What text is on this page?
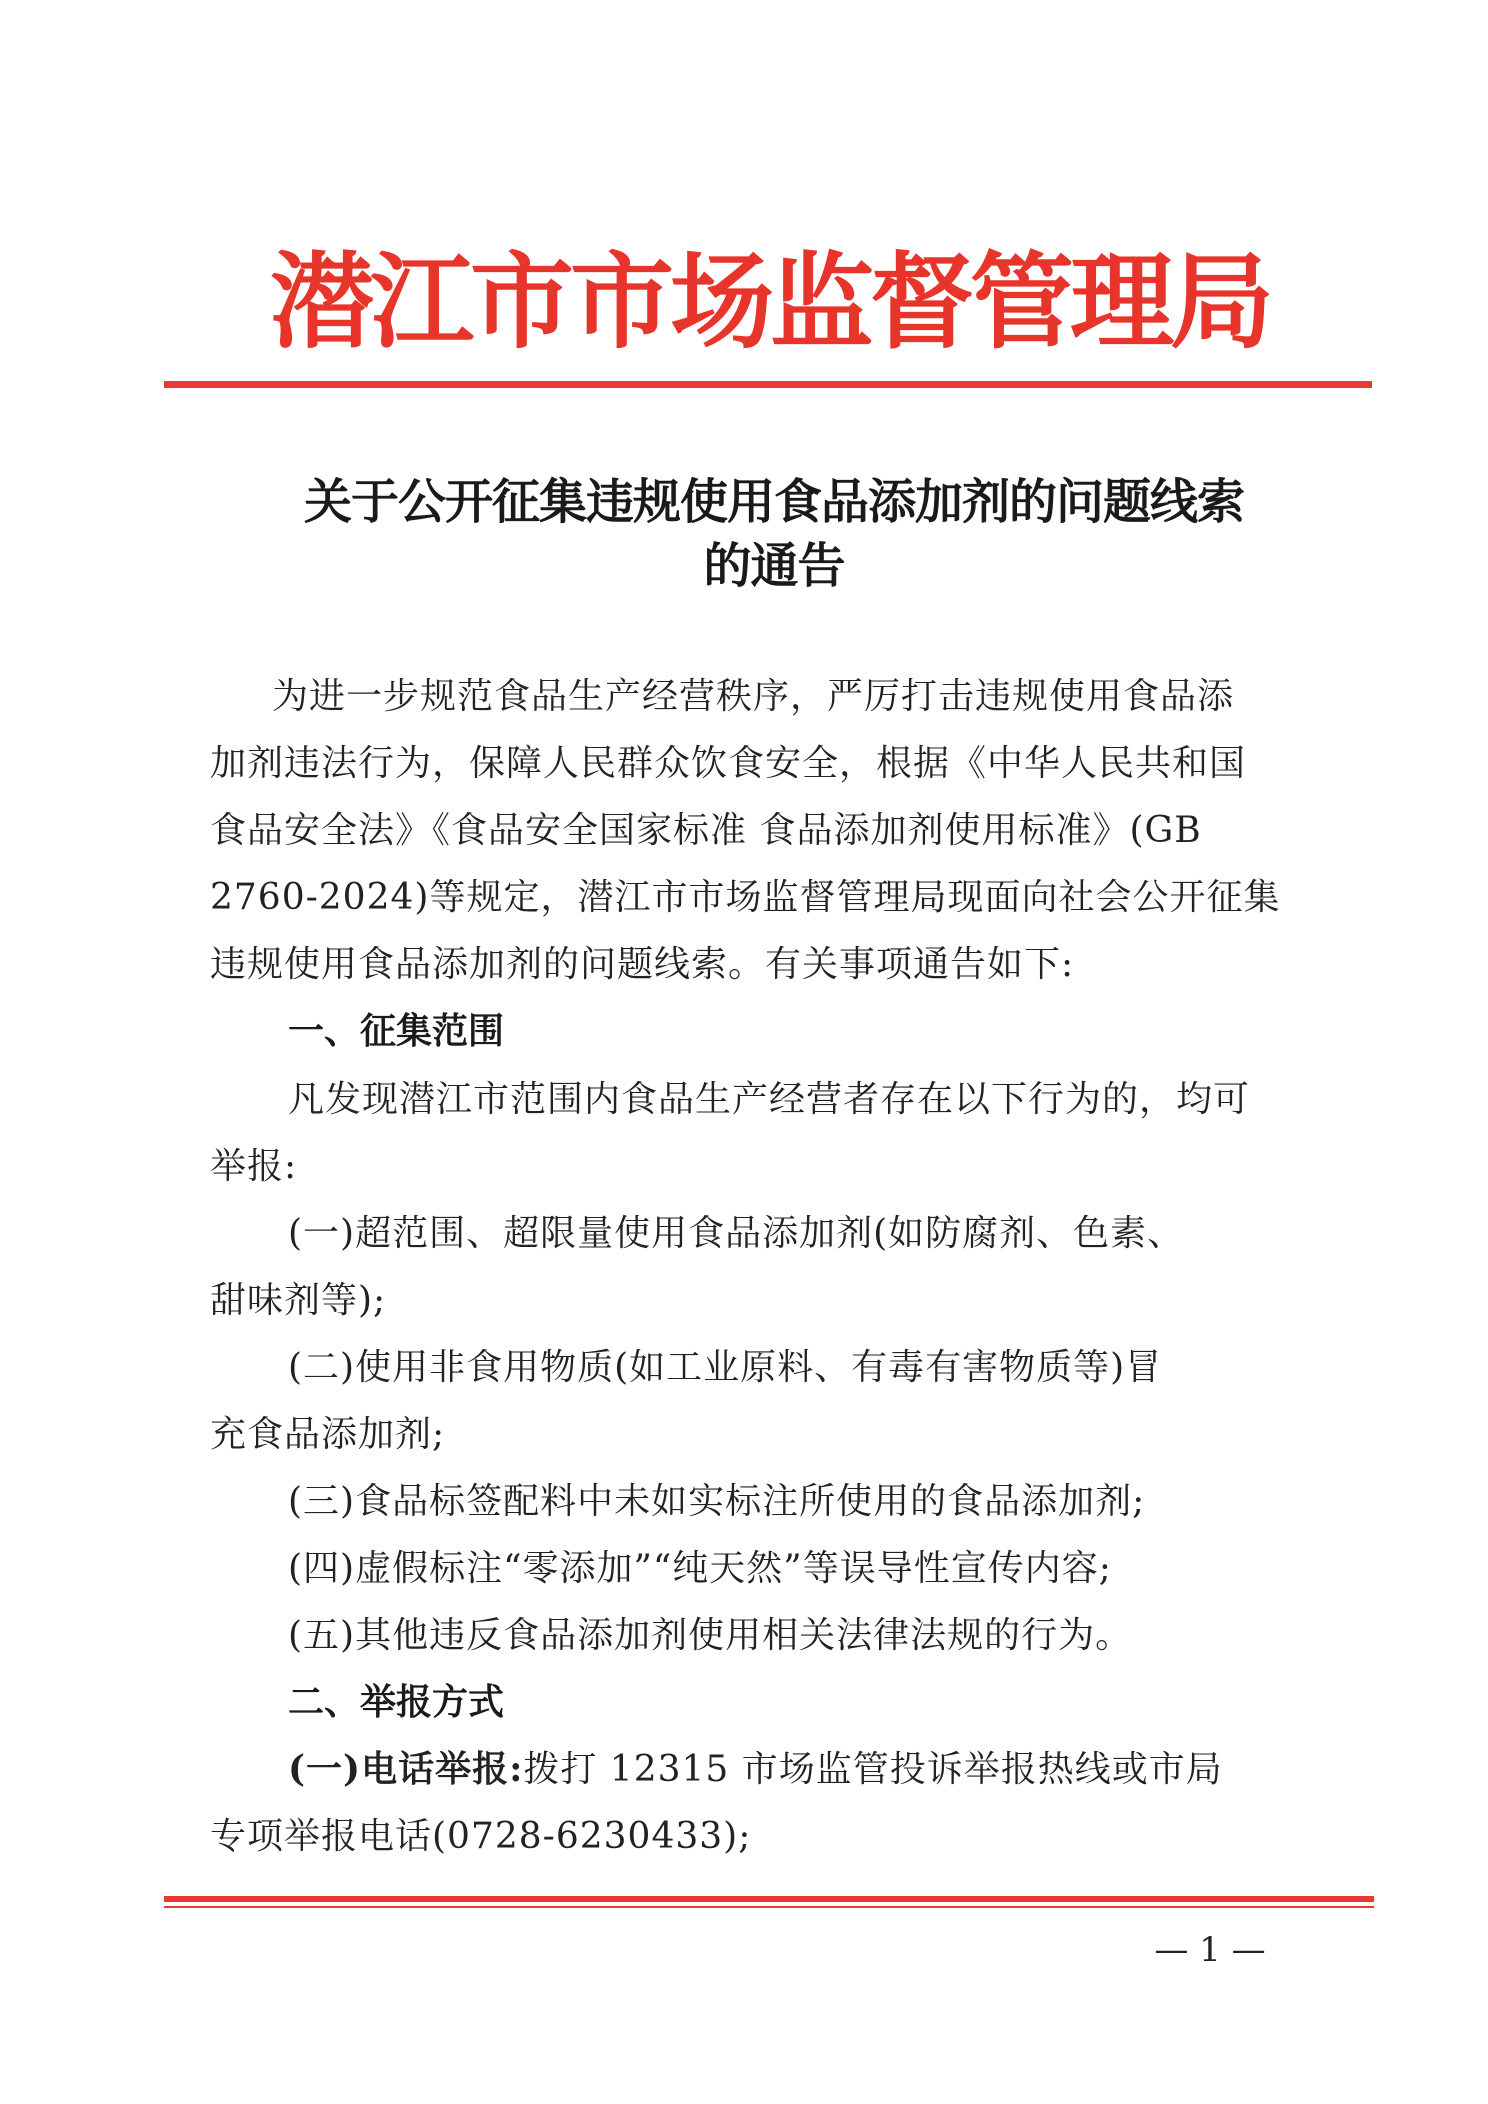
潜江市市场监督管理局
关于公开征集违规使用食品添加剂的问题线索
的通告
为进一步规范食品生产经营秩序，严厉打击违规使用食品添
加剂违法行为，保障人民群众饮食安全，根据《中华人民共和国
食品安全法》《食品安全国家标准 食品添加剂使用标准》(GB
2760-2024)等规定，潜江市市场监督管理局现面向社会公开征集
违规使用食品添加剂的问题线索。有关事项通告如下:
一、征集范围
凡发现潜江市范围内食品生产经营者存在以下行为的，均可
举报:
(一)超范围、超限量使用食品添加剂(如防腐剂、色素、
甜味剂等);
(二)使用非食用物质(如工业原料、有毒有害物质等)冒
充食品添加剂;
(三)食品标签配料中未如实标注所使用的食品添加剂;
(四)虚假标注“零添加”“纯天然”等误导性宣传内容;
(五)其他违反食品添加剂使用相关法律法规的行为。
二、举报方式
(一)电话举报:拨打 12315 市场监管投诉举报热线或市局
专项举报电话(0728-6230433);
— 1 —
